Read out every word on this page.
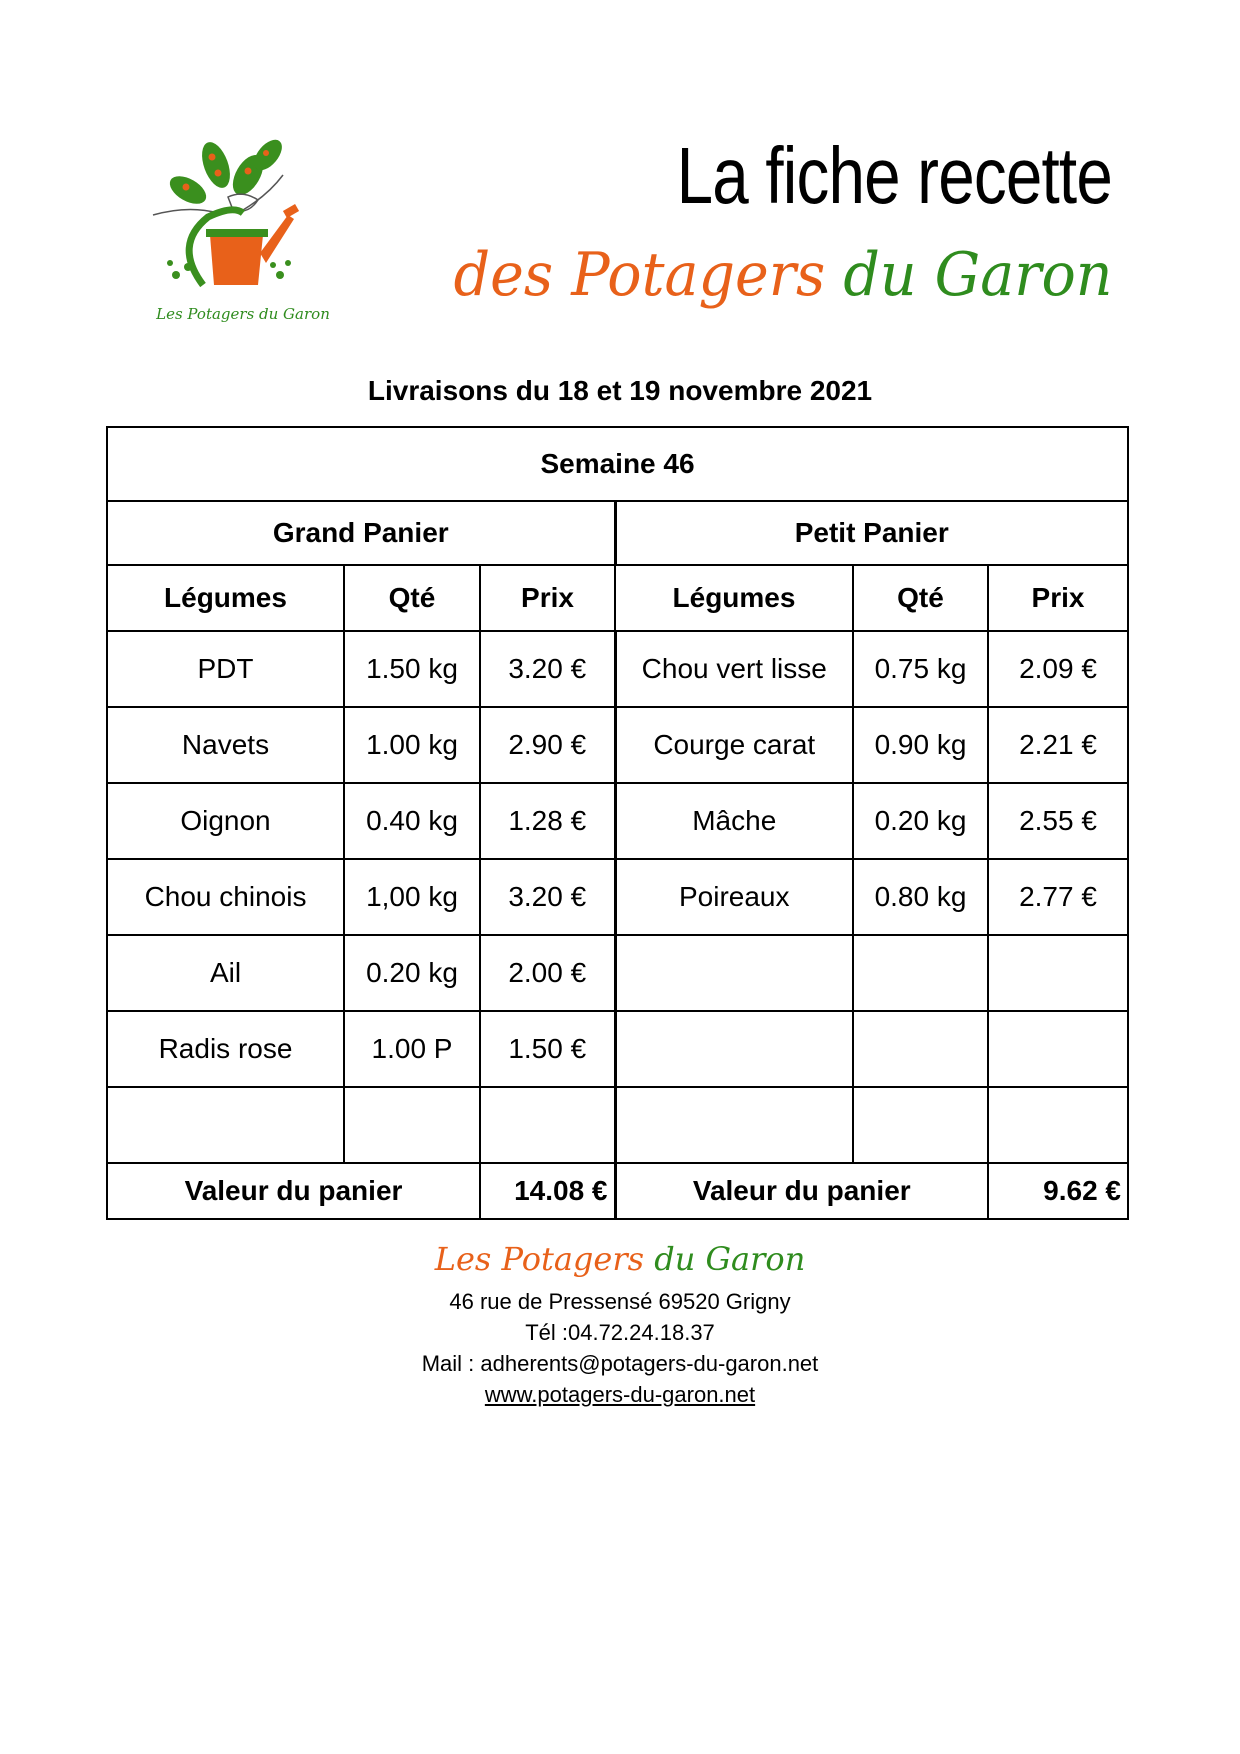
Les Potagers du Garon
La fiche recette
des Potagers du Garon
Livraisons du 18 et 19 novembre 2021
Semaine 46					
Grand Panier			Petit Panier		
Légumes	Qté	Prix	Légumes	Qté	Prix
PDT	1.50 kg	3.20 €	Chou vert lisse	0.75 kg	2.09 €
Navets	1.00 kg	2.90 €	Courge carat	0.90 kg	2.21 €
Oignon	0.40 kg	1.28 €	Mâche	0.20 kg	2.55 €
Chou chinois	1,00 kg	3.20 €	Poireaux	0.80 kg	2.77 €
Ail	0.20 kg	2.00 €			
Radis rose	1.00 P	1.50 €			

Valeur du panier		14.08 €	Valeur du panier		9.62 €
Les Potagers du Garon
46 rue de Pressensé 69520 Grigny
Tél :04.72.24.18.37
Mail : adherents@potagers-du-garon.net
www.potagers-du-garon.net
